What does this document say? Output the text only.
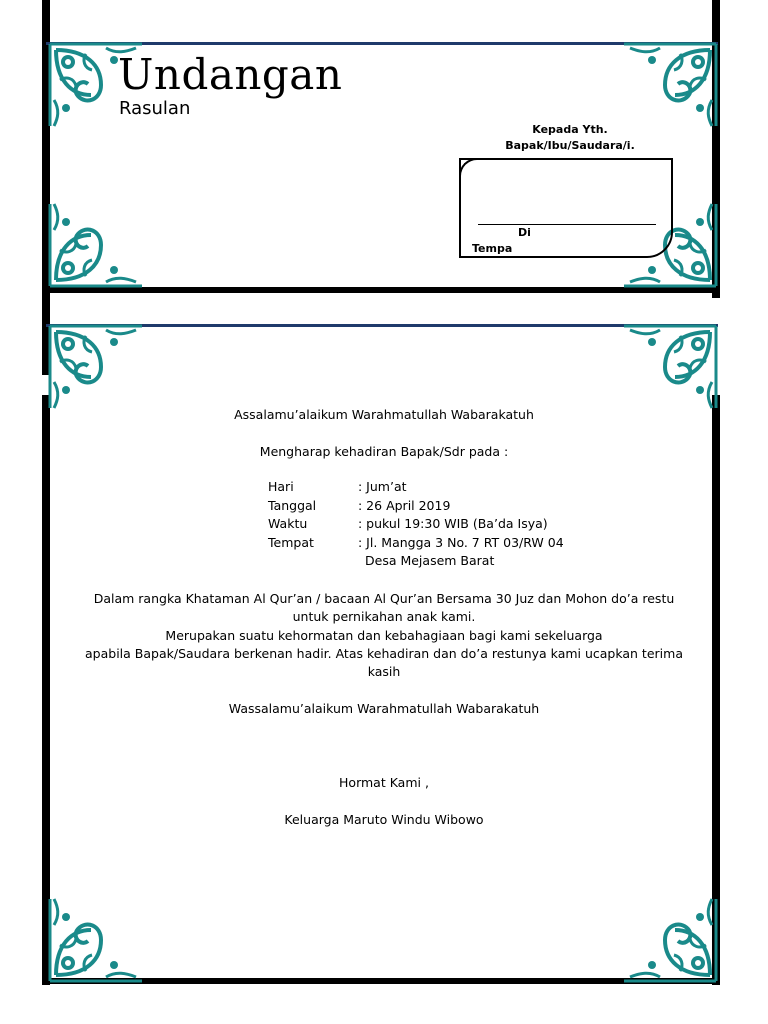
Undangan
Rasulan
Kepada Yth.
Bapak/Ibu/Saudara/i.
Di
Tempa
Assalamu’alaikum Warahmatullah Wabarakatuh
Mengharap kehadiran Bapak/Sdr pada :
Hari	: Jum’at
Tanggal	: 26 April 2019
Waktu	: pukul 19:30 WIB (Ba’da Isya)
Tempat	: Jl. Mangga 3 No. 7 RT 03/RW 04
Desa Mejasem Barat
Dalam rangka Khataman Al Qur’an / bacaan Al Qur’an Bersama 30 Juz dan Mohon do’a restu
untuk pernikahan anak kami.
Merupakan suatu kehormatan dan kebahagiaan bagi kami sekeluarga
apabila Bapak/Saudara berkenan hadir. Atas kehadiran dan do’a restunya kami ucapkan terima
kasih
Wassalamu’alaikum Warahmatullah Wabarakatuh
Hormat Kami ,
Keluarga Maruto Windu Wibowo
